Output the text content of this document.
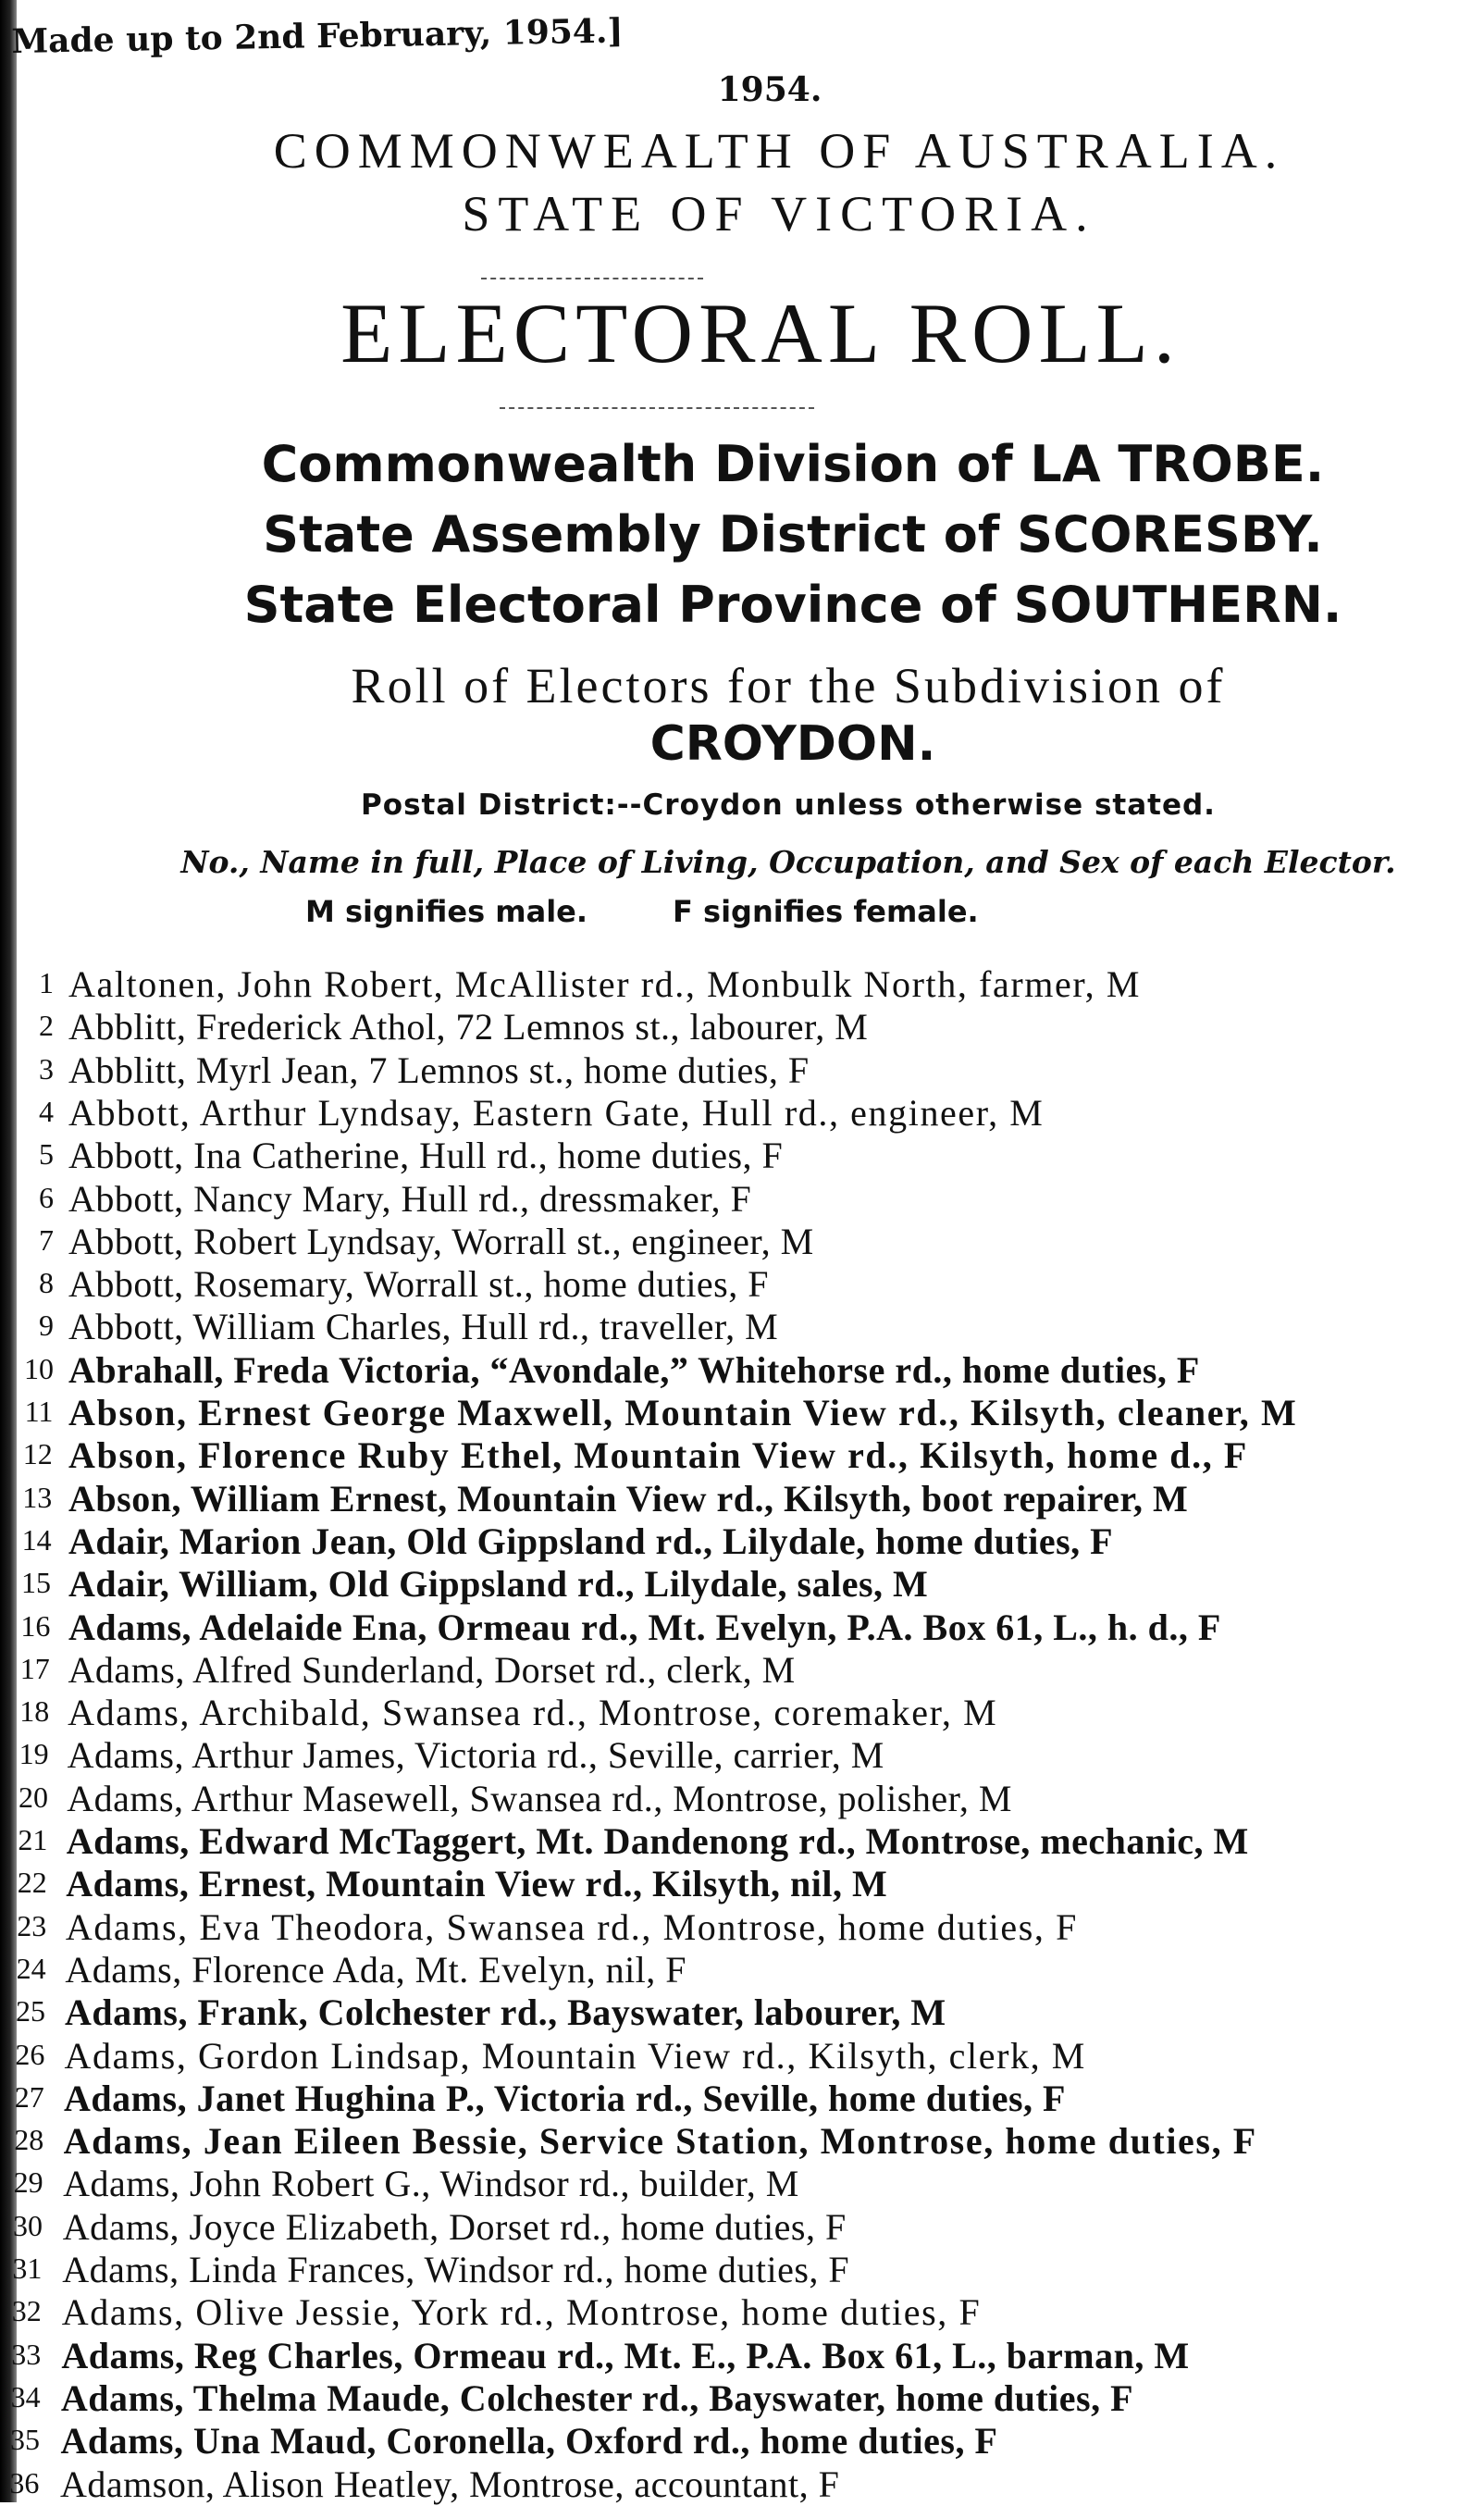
Made up to 2nd February, 1954.]
1954.
COMMONWEALTH OF AUSTRALIA.
STATE OF VICTORIA.
ELECTORAL ROLL.
Commonwealth Division of LA TROBE.
State Assembly District of SCORESBY.
State Electoral Province of SOUTHERN.
Roll of Electors for the Subdivision of
CROYDON.
Postal District:--Croydon unless otherwise stated.
No., Name in full, Place of Living, Occupation, and Sex of each Elector.
M signifies male.	F signifies female.
1 Aaltonen, John Robert, McAllister rd., Monbulk North, farmer, M
2 Abblitt, Frederick Athol, 72 Lemnos st., labourer, M
3 Abblitt, Myrl Jean, 7 Lemnos st., home duties, F
4 Abbott, Arthur Lyndsay, Eastern Gate, Hull rd., engineer, M
5 Abbott, Ina Catherine, Hull rd., home duties, F
6 Abbott, Nancy Mary, Hull rd., dressmaker, F
7 Abbott, Robert Lyndsay, Worrall st., engineer, M
8 Abbott, Rosemary, Worrall st., home duties, F
9 Abbott, William Charles, Hull rd., traveller, M
10 Abrahall, Freda Victoria, “Avondale,” Whitehorse rd., home duties, F
11 Abson, Ernest George Maxwell, Mountain View rd., Kilsyth, cleaner, M
12 Abson, Florence Ruby Ethel, Mountain View rd., Kilsyth, home d., F
13 Abson, William Ernest, Mountain View rd., Kilsyth, boot repairer, M
14 Adair, Marion Jean, Old Gippsland rd., Lilydale, home duties, F
15 Adair, William, Old Gippsland rd., Lilydale, sales, M
16 Adams, Adelaide Ena, Ormeau rd., Mt. Evelyn, P.A. Box 61, L., h. d., F
17 Adams, Alfred Sunderland, Dorset rd., clerk, M
18 Adams, Archibald, Swansea rd., Montrose, coremaker, M
19 Adams, Arthur James, Victoria rd., Seville, carrier, M
20 Adams, Arthur Masewell, Swansea rd., Montrose, polisher, M
21 Adams, Edward McTaggert, Mt. Dandenong rd., Montrose, mechanic, M
22 Adams, Ernest, Mountain View rd., Kilsyth, nil, M
23 Adams, Eva Theodora, Swansea rd., Montrose, home duties, F
24 Adams, Florence Ada, Mt. Evelyn, nil, F
25 Adams, Frank, Colchester rd., Bayswater, labourer, M
26 Adams, Gordon Lindsap, Mountain View rd., Kilsyth, clerk, M
27 Adams, Janet Hughina P., Victoria rd., Seville, home duties, F
28 Adams, Jean Eileen Bessie, Service Station, Montrose, home duties, F
29 Adams, John Robert G., Windsor rd., builder, M
30 Adams, Joyce Elizabeth, Dorset rd., home duties, F
31 Adams, Linda Frances, Windsor rd., home duties, F
32 Adams, Olive Jessie, York rd., Montrose, home duties, F
33 Adams, Reg Charles, Ormeau rd., Mt. E., P.A. Box 61, L., barman, M
34 Adams, Thelma Maude, Colchester rd., Bayswater, home duties, F
35 Adams, Una Maud, Coronella, Oxford rd., home duties, F
36 Adamson, Alison Heatley, Montrose, accountant, F
